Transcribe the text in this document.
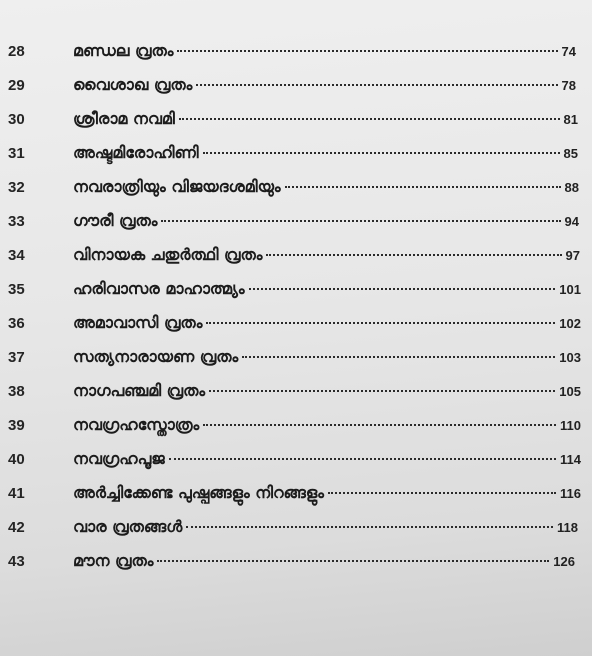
28	മണ്ഡല വ്രതം	74
29	വൈശാഖ വ്രതം	78
30	ശ്രീരാമ നവമി	81
31	അഷ്ടമിരോഹിണി	85
32	നവരാത്രിയും വിജയദശമിയും	88
33	ഗൗരീ വ്രതം	94
34	വിനായക ചതുർത്ഥി വ്രതം	97
35	ഹരിവാസര മാഹാത്മ്യം	101
36	അമാവാസി വ്രതം	102
37	സത്യനാരായണ വ്രതം	103
38	നാഗപഞ്ചമി വ്രതം	105
39	നവഗ്രഹസ്തോത്രം	110
40	നവഗ്രഹപൂജ	114
41	അർച്ചിക്കേണ്ട പുഷ്പങ്ങളും നിറങ്ങളും	116
42	വാര വ്രതങ്ങൾ	118
43	മൗന വ്രതം	126
